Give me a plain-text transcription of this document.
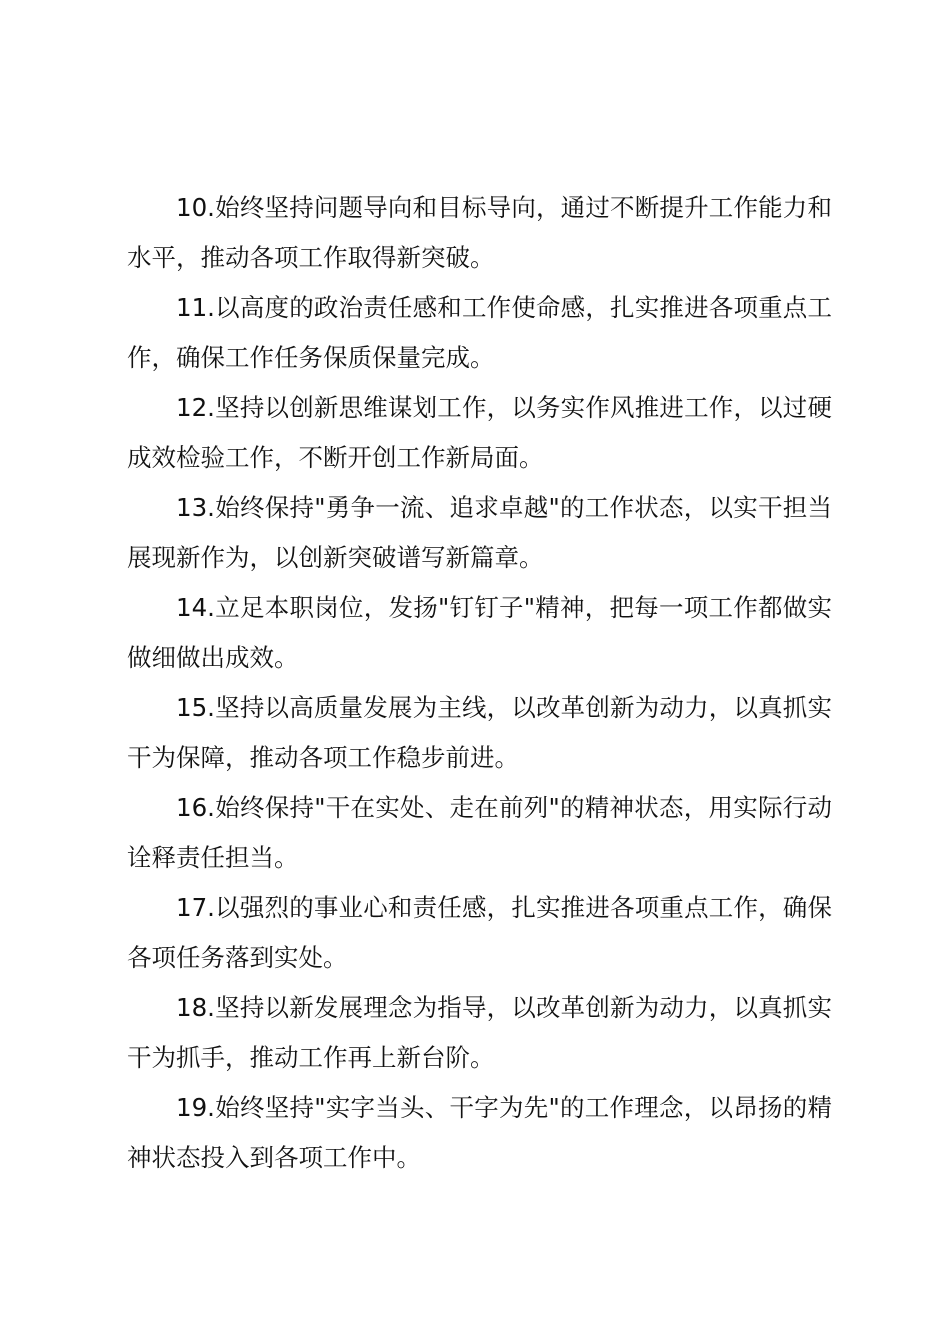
10.始终坚持问题导向和目标导向，通过不断提升工作能力和水平，推动各项工作取得新突破。

11.以高度的政治责任感和工作使命感，扎实推进各项重点工作，确保工作任务保质保量完成。

12.坚持以创新思维谋划工作，以务实作风推进工作，以过硬成效检验工作，不断开创工作新局面。

13.始终保持"勇争一流、追求卓越"的工作状态，以实干担当展现新作为，以创新突破谱写新篇章。

14.立足本职岗位，发扬"钉钉子"精神，把每一项工作都做实做细做出成效。

15.坚持以高质量发展为主线，以改革创新为动力，以真抓实干为保障，推动各项工作稳步前进。

16.始终保持"干在实处、走在前列"的精神状态，用实际行动诠释责任担当。

17.以强烈的事业心和责任感，扎实推进各项重点工作，确保各项任务落到实处。

18.坚持以新发展理念为指导，以改革创新为动力，以真抓实干为抓手，推动工作再上新台阶。

19.始终坚持"实字当头、干字为先"的工作理念，以昂扬的精神状态投入到各项工作中。
